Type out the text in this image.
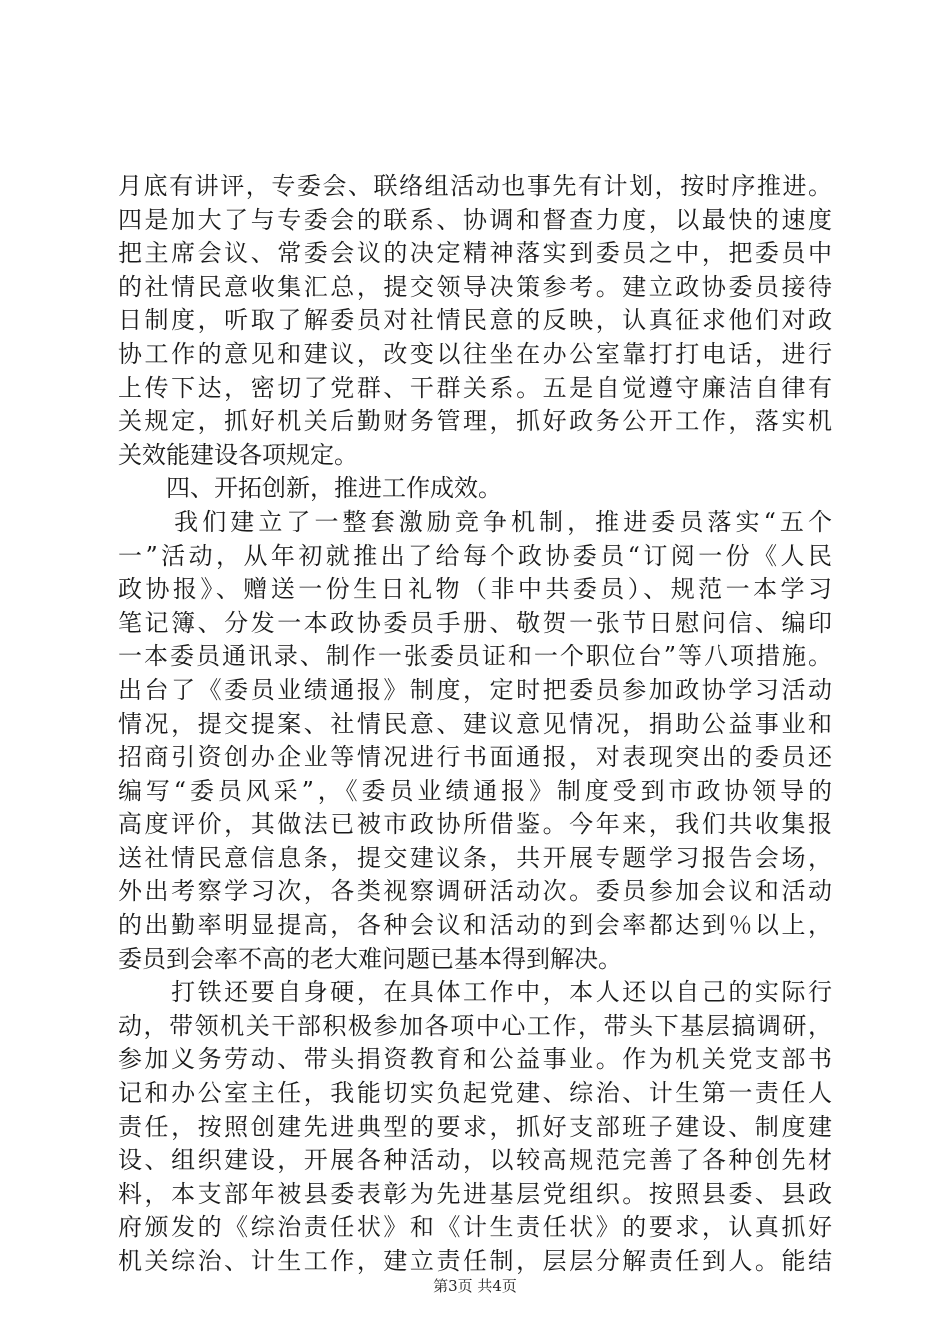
月底有讲评，专委会、联络组活动也事先有计划，按时序推进。
四是加大了与专委会的联系、协调和督查力度，以最快的速度
把主席会议、常委会议的决定精神落实到委员之中，把委员中
的社情民意收集汇总，提交领导决策参考。建立政协委员接待
日制度，听取了解委员对社情民意的反映，认真征求他们对政
协工作的意见和建议，改变以往坐在办公室靠打打电话，进行
上传下达，密切了党群、干群关系。五是自觉遵守廉洁自律有
关规定，抓好机关后勤财务管理，抓好政务公开工作，落实机
关效能建设各项规定。
　　四、开拓创新，推进工作成效。
　　我们建立了一整套激励竞争机制，推进委员落实“五个
一”活动，从年初就推出了给每个政协委员“订阅一份《人民
政协报》、赠送一份生日礼物（非中共委员）、规范一本学习
笔记簿、分发一本政协委员手册、敬贺一张节日慰问信、编印
一本委员通讯录、制作一张委员证和一个职位台”等八项措施。
出台了《委员业绩通报》制度，定时把委员参加政协学习活动
情况，提交提案、社情民意、建议意见情况，捐助公益事业和
招商引资创办企业等情况进行书面通报，对表现突出的委员还
编写“委员风采”，《委员业绩通报》制度受到市政协领导的
高度评价，其做法已被市政协所借鉴。今年来，我们共收集报
送社情民意信息条，提交建议条，共开展专题学习报告会场，
外出考察学习次，各类视察调研活动次。委员参加会议和活动
的出勤率明显提高，各种会议和活动的到会率都达到％以上，
委员到会率不高的老大难问题已基本得到解决。
　　打铁还要自身硬，在具体工作中，本人还以自己的实际行
动，带领机关干部积极参加各项中心工作，带头下基层搞调研，
参加义务劳动、带头捐资教育和公益事业。作为机关党支部书
记和办公室主任，我能切实负起党建、综治、计生第一责任人
责任，按照创建先进典型的要求，抓好支部班子建设、制度建
设、组织建设，开展各种活动，以较高规范完善了各种创先材
料，本支部年被县委表彰为先进基层党组织。按照县委、县政
府颁发的《综治责任状》和《计生责任状》的要求，认真抓好
机关综治、计生工作，建立责任制，层层分解责任到人。能结
第3页 共4页
